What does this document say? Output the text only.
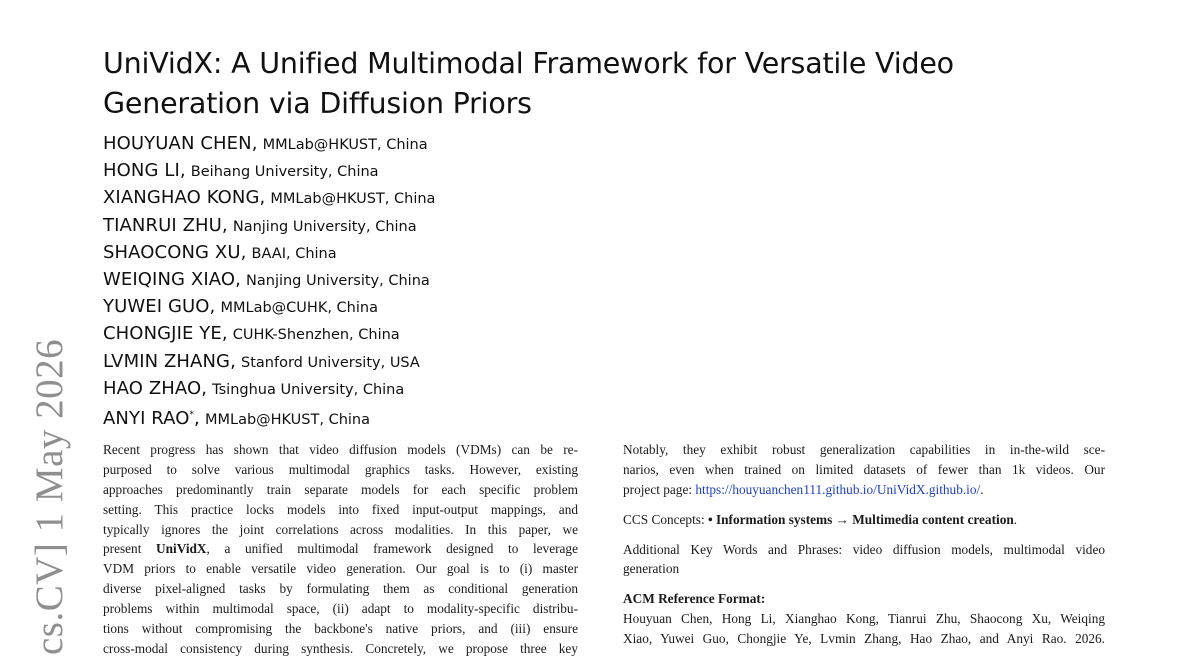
cs.CV] 1 May 2026
UniVidX: A Unified Multimodal Framework for Versatile Video
Generation via Diffusion Priors
HOUYUAN CHEN, MMLab@HKUST, China
HONG LI, Beihang University, China
XIANGHAO KONG, MMLab@HKUST, China
TIANRUI ZHU, Nanjing University, China
SHAOCONG XU, BAAI, China
WEIQING XIAO, Nanjing University, China
YUWEI GUO, MMLab@CUHK, China
CHONGJIE YE, CUHK-Shenzhen, China
LVMIN ZHANG, Stanford University, USA
HAO ZHAO, Tsinghua University, China
ANYI RAO*, MMLab@HKUST, China
Recent progress has shown that video diffusion models (VDMs) can be re-
purposed to solve various multimodal graphics tasks. However, existing
approaches predominantly train separate models for each specific problem
setting. This practice locks models into fixed input-output mappings, and
typically ignores the joint correlations across modalities. In this paper, we
present UniVidX, a unified multimodal framework designed to leverage
VDM priors to enable versatile video generation. Our goal is to (i) master
diverse pixel-aligned tasks by formulating them as conditional generation
problems within multimodal space, (ii) adapt to modality-specific distribu-
tions without compromising the backbone's native priors, and (iii) ensure
cross-modal consistency during synthesis. Concretely, we propose three key
Notably, they exhibit robust generalization capabilities in in-the-wild sce-
narios, even when trained on limited datasets of fewer than 1k videos. Our
project page: https://houyuanchen111.github.io/UniVidX.github.io/.
CCS Concepts: • Information systems → Multimedia content creation.
Additional Key Words and Phrases: video diffusion models, multimodal video
generation
ACM Reference Format:
Houyuan Chen, Hong Li, Xianghao Kong, Tianrui Zhu, Shaocong Xu, Weiqing
Xiao, Yuwei Guo, Chongjie Ye, Lvmin Zhang, Hao Zhao, and Anyi Rao. 2026.
